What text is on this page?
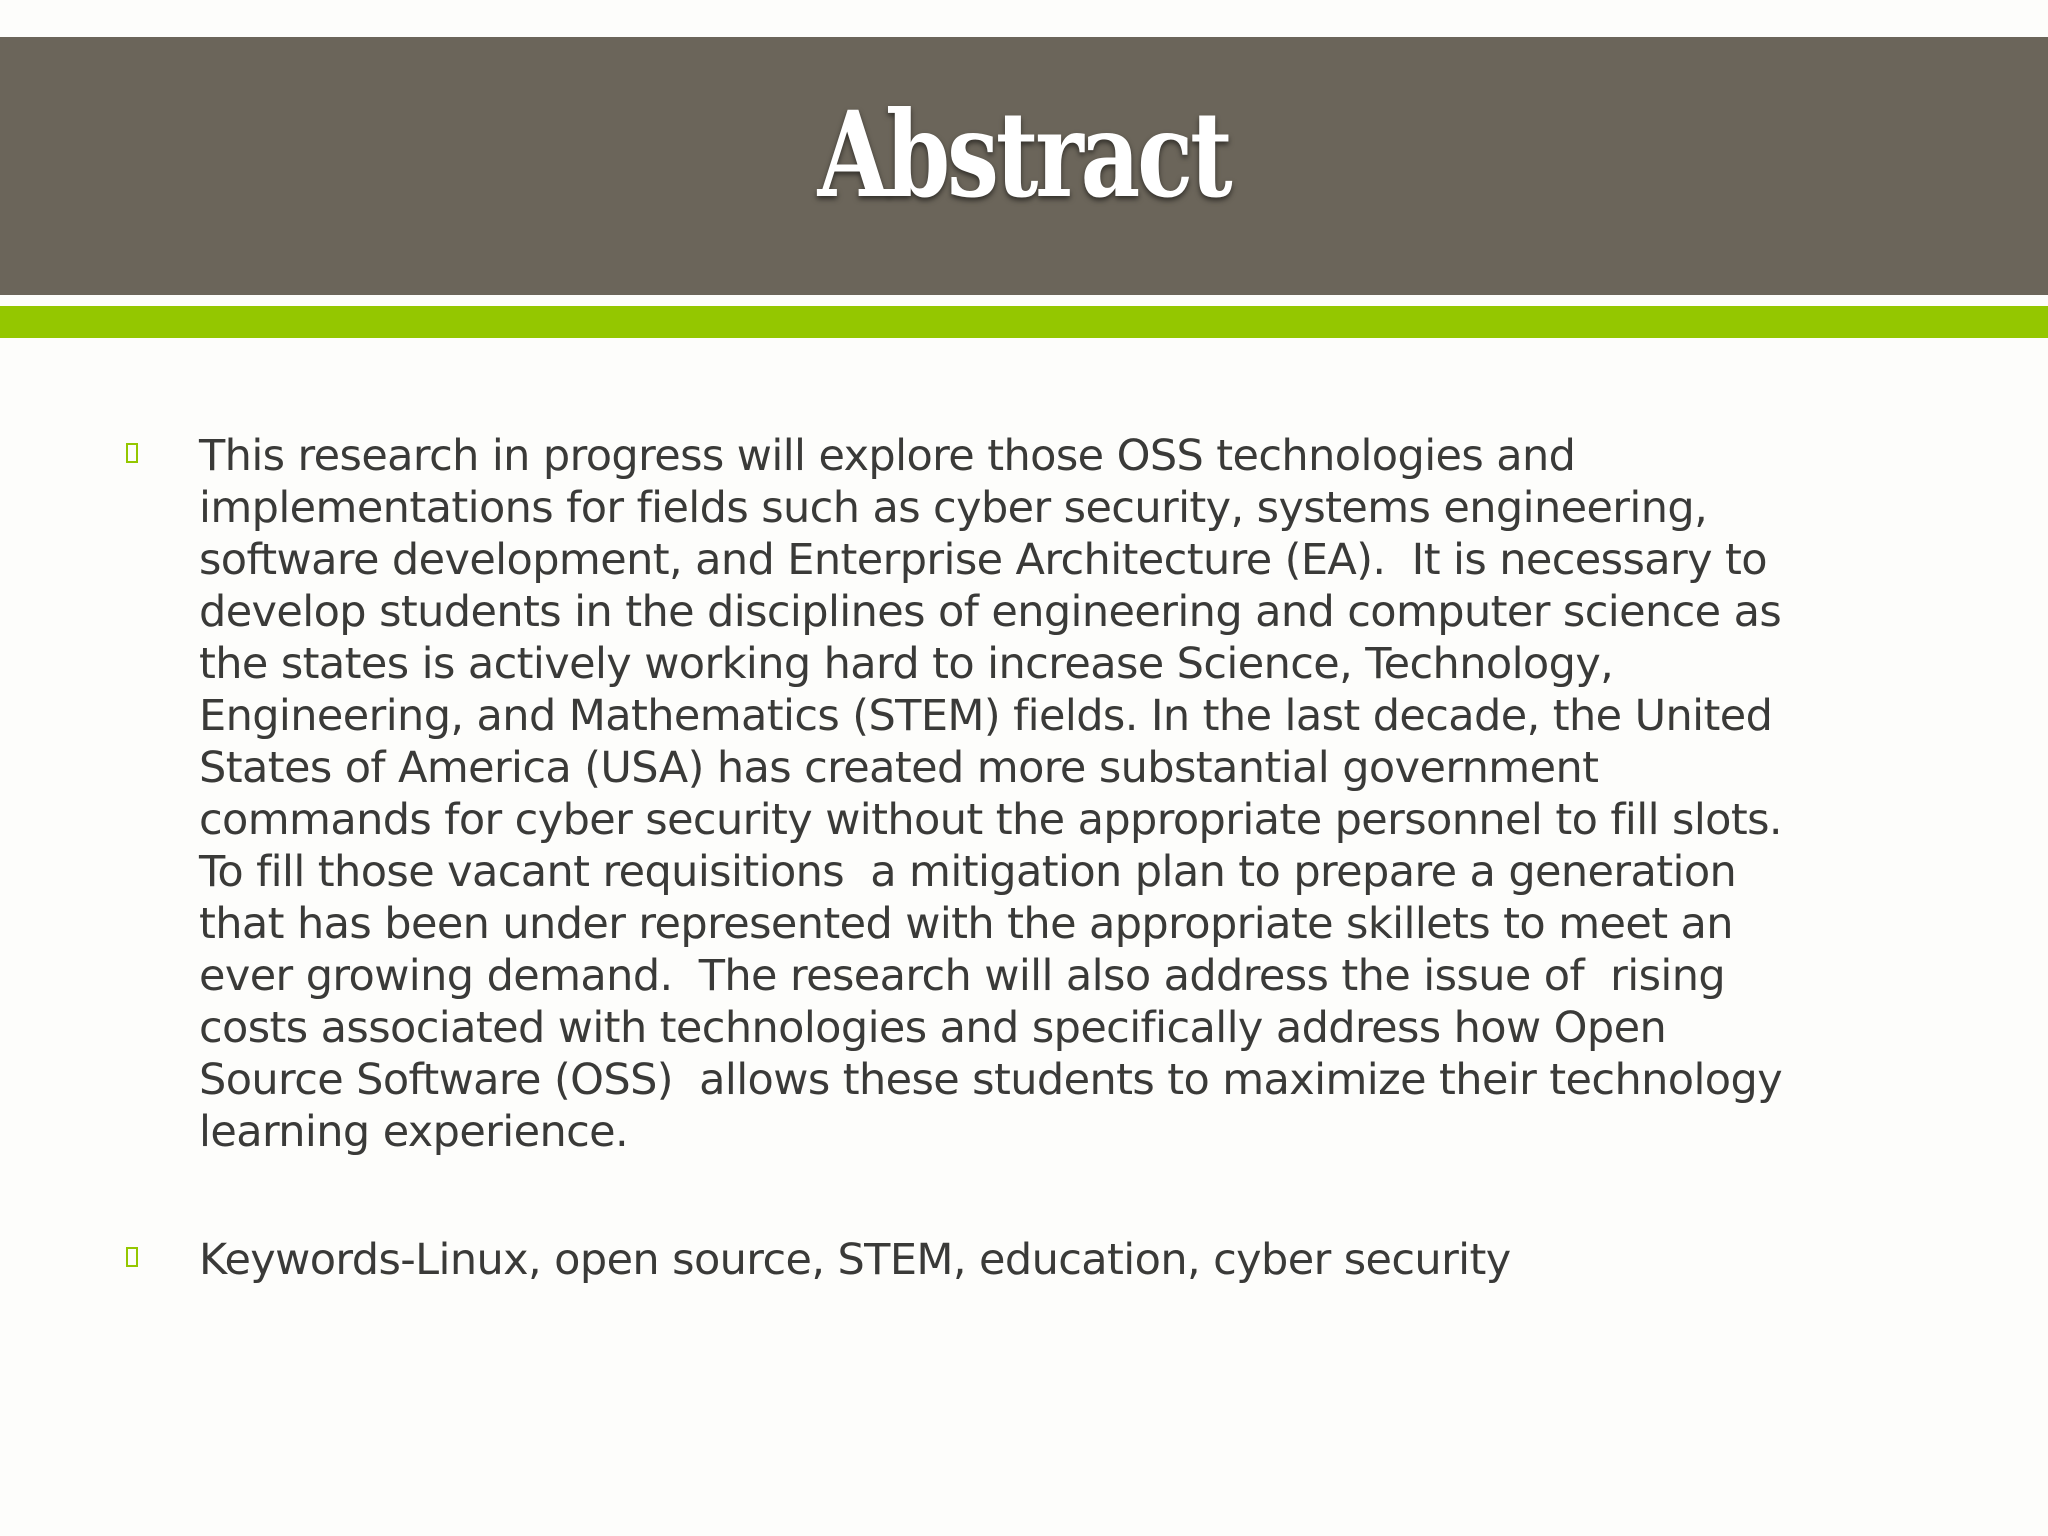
Abstract
This research in progress will explore those OSS technologies and
implementations for fields such as cyber security, systems engineering,
software development, and Enterprise Architecture (EA).  It is necessary to
develop students in the disciplines of engineering and computer science as
the states is actively working hard to increase Science, Technology,
Engineering, and Mathematics (STEM) fields. In the last decade, the United
States of America (USA) has created more substantial government
commands for cyber security without the appropriate personnel to fill slots.
To fill those vacant requisitions  a mitigation plan to prepare a generation
that has been under represented with the appropriate skillets to meet an
ever growing demand.  The research will also address the issue of  rising
costs associated with technologies and specifically address how Open
Source Software (OSS)  allows these students to maximize their technology
learning experience.
Keywords-Linux, open source, STEM, education, cyber security
